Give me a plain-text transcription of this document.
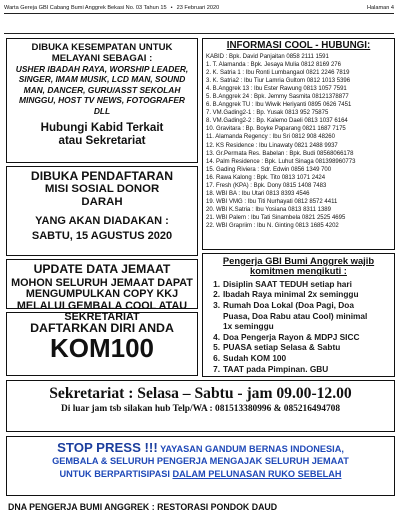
Warta Gereja GBI Cabang Bumi Anggrek Bekasi No. 03 Tahun 15 • 23 Februari 2020	Halaman 4
DIBUKA KESEMPATAN UNTUK MELAYANI SEBAGAI :
USHER IBADAH RAYA, WORSHIP LEADER, SINGER, IMAM MUSIK, LCD MAN, SOUND MAN, DANCER, GURU/ASST SEKOLAH MINGGU, HOST TV NEWS, FOTOGRAFER DLL
Hubungi Kabid Terkait
atau Sekretariat
DIBUKA PENDAFTARAN
MISI SOSIAL DONOR
DARAH
YANG AKAN DIADAKAN :
SABTU, 15 AGUSTUS 2020
UPDATE DATA JEMAAT
MOHON SELURUH JEMAAT DAPAT MENGUMPULKAN COPY KKJ MELALUI GEMBALA COOL ATAU SEKRETARIAT
DAFTARKAN DIRI ANDA
KOM100
INFORMASI COOL - HUBUNGI:
KABID : Bpk. David Panjaitan 0858 2111 1591
1. T. Alamanda : Bpk. Jesaya Mulia 0812 8169 276
2. K. Satria 1 : Ibu Ronti Lumbangaol 0821 2246 7819
3. K. Satria2 : Ibu Tiur Lamria Gultom 0812 1013 5396
4. B.Anggrek 13 : Ibu Ester Rawung 0813 1057 7591
5. B.Anggrek 24 : Bpk. Jemmy Sasmita 08121378877
6. B.Anggrek TU : Ibu Wiwik Heriyanti 0895 0626 7451
7. VM.Gading2-1 : Bp. Yusak 0813 952 75875
8. VM.Gading2-2 : Bp. Kalemo Daeli 0813 1037 6164
10. Gravitara : Bp. Boyke Paparang 0821 1687 7175
11. Alamanda Regency : Ibu Sri 0812 908 48260
12. KS Residence : Ibu Linawaty 0821 2488 9937
13. Gr.Permata Res. Babelan : Bpk. Budi 08568066178
14. Palm Residence : Bpk. Luhut Sinaga 081398960773
15. Gading Riviera : Sdr. Edwin 0856 1349 700
16. Rawa Kalong : Bpk. Tito 0813 1071 2424
17. Fresh (KPA) : Bpk. Dony 0815 1408 7483
18. WBI BA : Ibu Utari 0813 8393 4546
19. WBI VMG : Ibu Titi Nurhayati 0812 8572 4411
20. WBI K.Satria : Ibu Yosiana 0813 8311 1389
21. WBI Palem : Ibu Tati Sinambela 0821 2525 4695
22. WBI Grapriim : Ibu N. Ginting 0813 1685 4202
Pengerja GBI Bumi Anggrek wajib
komitmen mengikuti :
1. Disiplin SAAT TEDUH setiap hari
2. Ibadah Raya minimal 2x seminggu
3. Rumah Doa Lokal (Doa Pagi, Doa
Puasa, Doa Rabu atau Cool) minimal
1x seminggu
4. Doa Pengerja Rayon & MDPJ SICC
5. PUASA setiap Selasa & Sabtu
6. Sudah KOM 100
7. TAAT pada Pimpinan. GBU
Sekretariat : Selasa – Sabtu - jam 09.00-12.00
Di luar jam tsb silakan hub Telp/WA : 081513380996 & 085216494708
STOP PRESS !!! YAYASAN GANDUM BERNAS INDONESIA,
GEMBALA & SELURUH PENGERJA MENGAJAK SELURUH JEMAAT
UNTUK BERPARTISIPASI DALAM PELUNASAN RUKO SEBELAH
DNA PENGERJA BUMI ANGGREK : RESTORASI PONDOK DAUD
